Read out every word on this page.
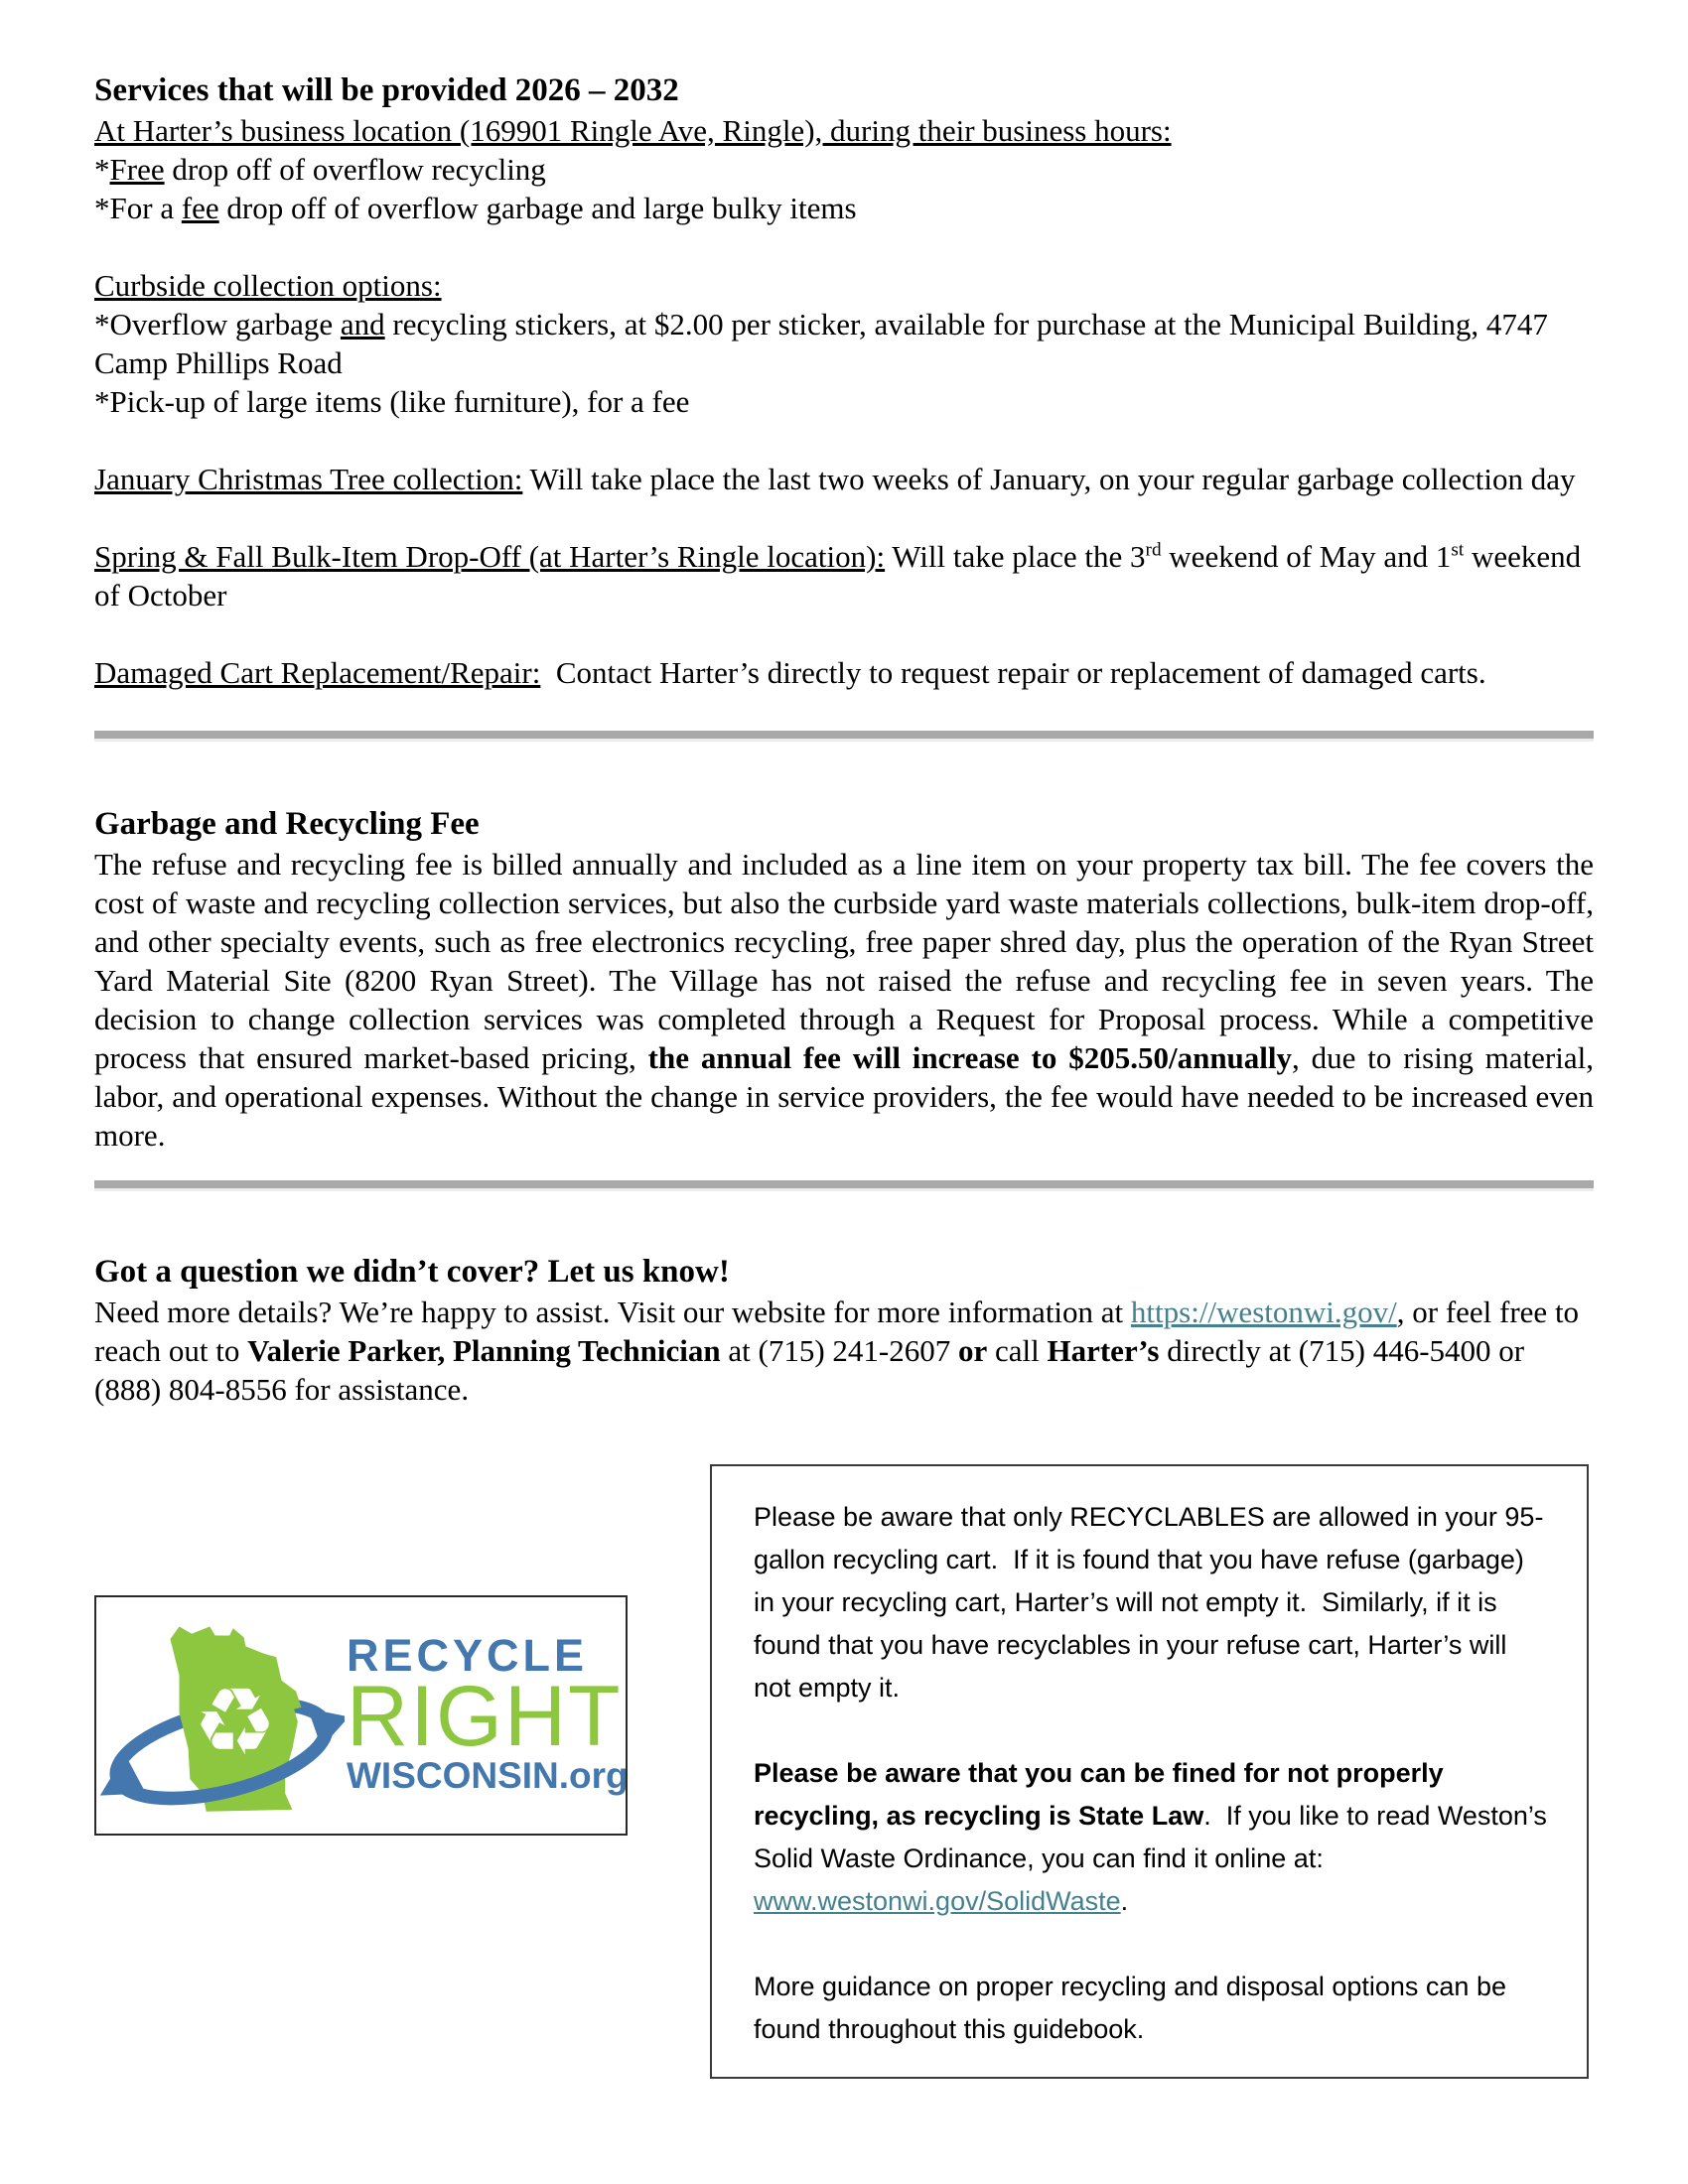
Services that will be provided 2026 – 2032

At Harter’s business location (169901 Ringle Ave, Ringle), during their business hours:

*Free drop off of overflow recycling

*For a fee drop off of overflow garbage and large bulky items

Curbside collection options:

*Overflow garbage and recycling stickers, at $2.00 per sticker, available for purchase at the Municipal Building, 4747 Camp Phillips Road

*Pick-up of large items (like furniture), for a fee

January Christmas Tree collection: Will take place the last two weeks of January, on your regular garbage collection day

Spring & Fall Bulk-Item Drop-Off (at Harter’s Ringle location): Will take place the 3rd weekend of May and 1st weekend of October

Damaged Cart Replacement/Repair:  Contact Harter’s directly to request repair or replacement of damaged carts.

Garbage and Recycling Fee

The refuse and recycling fee is billed annually and included as a line item on your property tax bill. The fee covers the cost of waste and recycling collection services, but also the curbside yard waste materials collections, bulk-item drop-off, and other specialty events, such as free electronics recycling, free paper shred day, plus the operation of the Ryan Street Yard Material Site (8200 Ryan Street). The Village has not raised the refuse and recycling fee in seven years. The decision to change collection services was completed through a Request for Proposal process. While a competitive process that ensured market-based pricing, the annual fee will increase to $205.50/annually, due to rising material, labor, and operational expenses. Without the change in service providers, the fee would have needed to be increased even more.

Got a question we didn’t cover? Let us know!

Need more details? We’re happy to assist. Visit our website for more information at https://westonwi.gov/, or feel free to reach out to Valerie Parker, Planning Technician at (715) 241-2607 or call Harter’s directly at (715) 446-5400 or (888) 804-8556 for assistance.

♻
RECYCLE
RIGHT
WISCONSIN.org

Please be aware that only RECYCLABLES are allowed in your 95-gallon recycling cart.  If it is found that you have refuse (garbage) in your recycling cart, Harter’s will not empty it.  Similarly, if it is found that you have recyclables in your refuse cart, Harter’s will not empty it.

Please be aware that you can be fined for not properly recycling, as recycling is State Law.  If you like to read Weston’s Solid Waste Ordinance, you can find it online at:  www.westonwi.gov/SolidWaste.

More guidance on proper recycling and disposal options can be found throughout this guidebook.
